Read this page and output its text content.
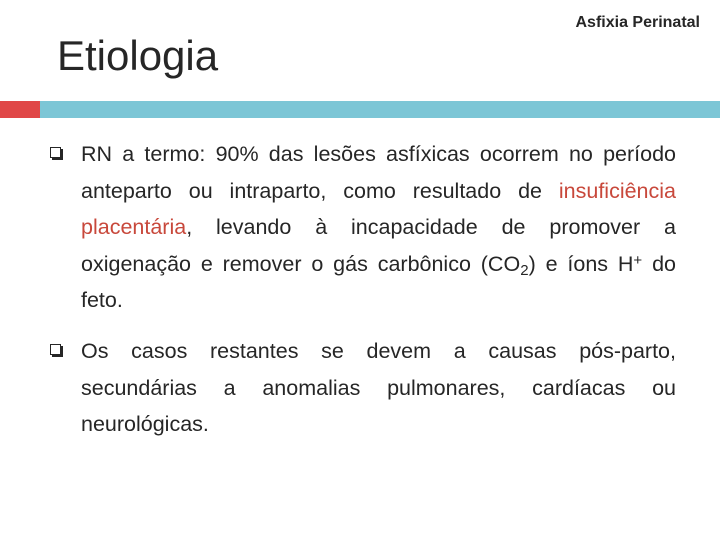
Asfixia Perinatal
Etiologia
RN a termo: 90% das lesões asfíxicas ocorrem no período anteparto ou intraparto, como resultado de insuficiência placentária, levando à incapacidade de promover a oxigenação e remover o gás carbônico $(CO_2)$ e íons H+ do feto.
Os casos restantes se devem a causas pós-parto, secundárias a anomalias pulmonares, cardíacas ou neurológicas.
